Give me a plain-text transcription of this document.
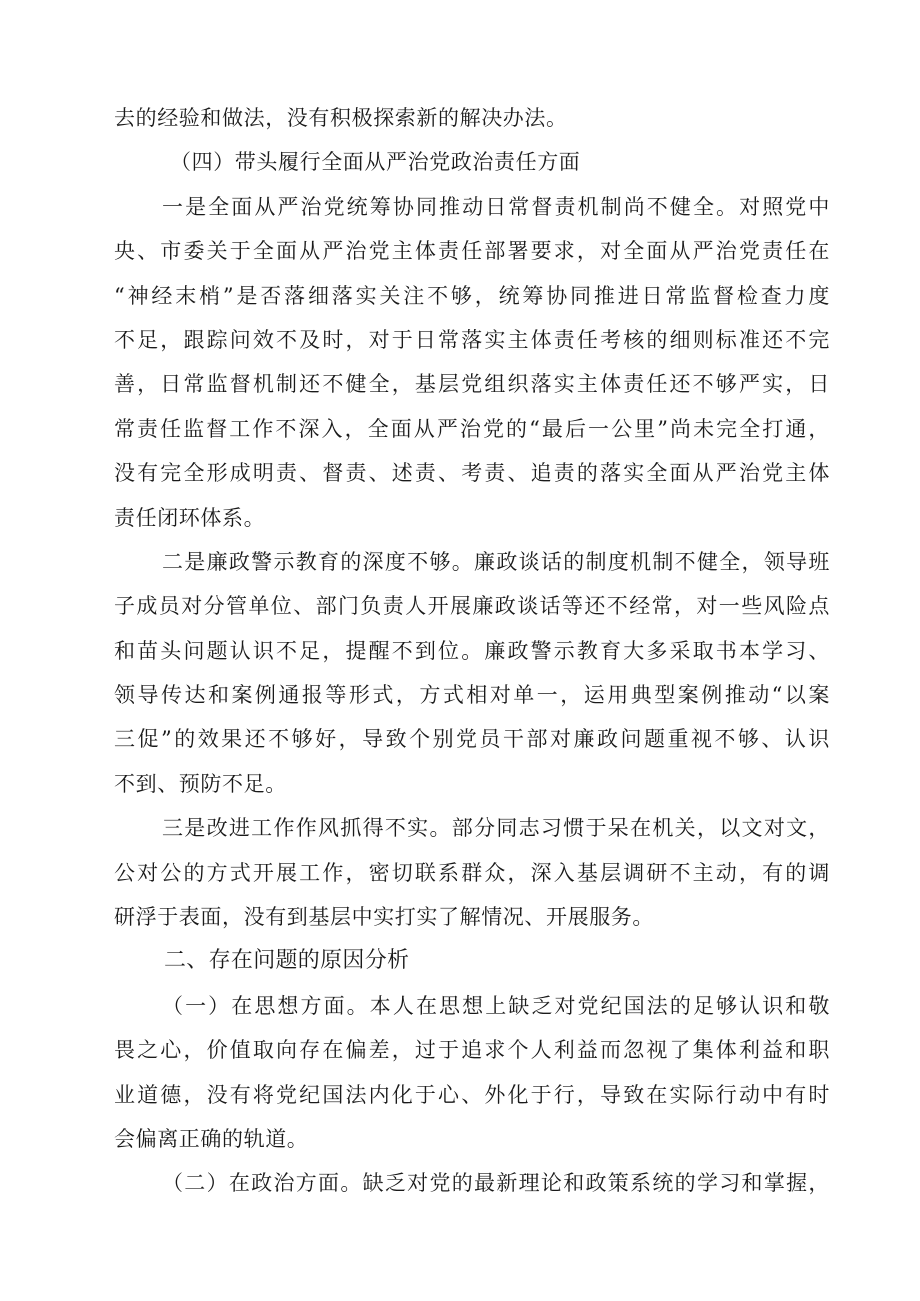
去的经验和做法，没有积极探索新的解决办法。
（四）带头履行全面从严治党政治责任方面
一是全面从严治党统筹协同推动日常督责机制尚不健全。对照党中
央、市委关于全面从严治党主体责任部署要求，对全面从严治党责任在
“神经末梢”是否落细落实关注不够，统筹协同推进日常监督检查力度
不足，跟踪问效不及时，对于日常落实主体责任考核的细则标准还不完
善，日常监督机制还不健全，基层党组织落实主体责任还不够严实，日
常责任监督工作不深入，全面从严治党的“最后一公里”尚未完全打通，
没有完全形成明责、督责、述责、考责、追责的落实全面从严治党主体
责任闭环体系。
二是廉政警示教育的深度不够。廉政谈话的制度机制不健全，领导班
子成员对分管单位、部门负责人开展廉政谈话等还不经常，对一些风险点
和苗头问题认识不足，提醒不到位。廉政警示教育大多采取书本学习、
领导传达和案例通报等形式，方式相对单一，运用典型案例推动“以案
三促”的效果还不够好，导致个别党员干部对廉政问题重视不够、认识
不到、预防不足。
三是改进工作作风抓得不实。部分同志习惯于呆在机关，以文对文，
公对公的方式开展工作，密切联系群众，深入基层调研不主动，有的调
研浮于表面，没有到基层中实打实了解情况、开展服务。
二、存在问题的原因分析
（一）在思想方面。本人在思想上缺乏对党纪国法的足够认识和敬
畏之心，价值取向存在偏差，过于追求个人利益而忽视了集体利益和职
业道德，没有将党纪国法内化于心、外化于行，导致在实际行动中有时
会偏离正确的轨道。
（二）在政治方面。缺乏对党的最新理论和政策系统的学习和掌握，
